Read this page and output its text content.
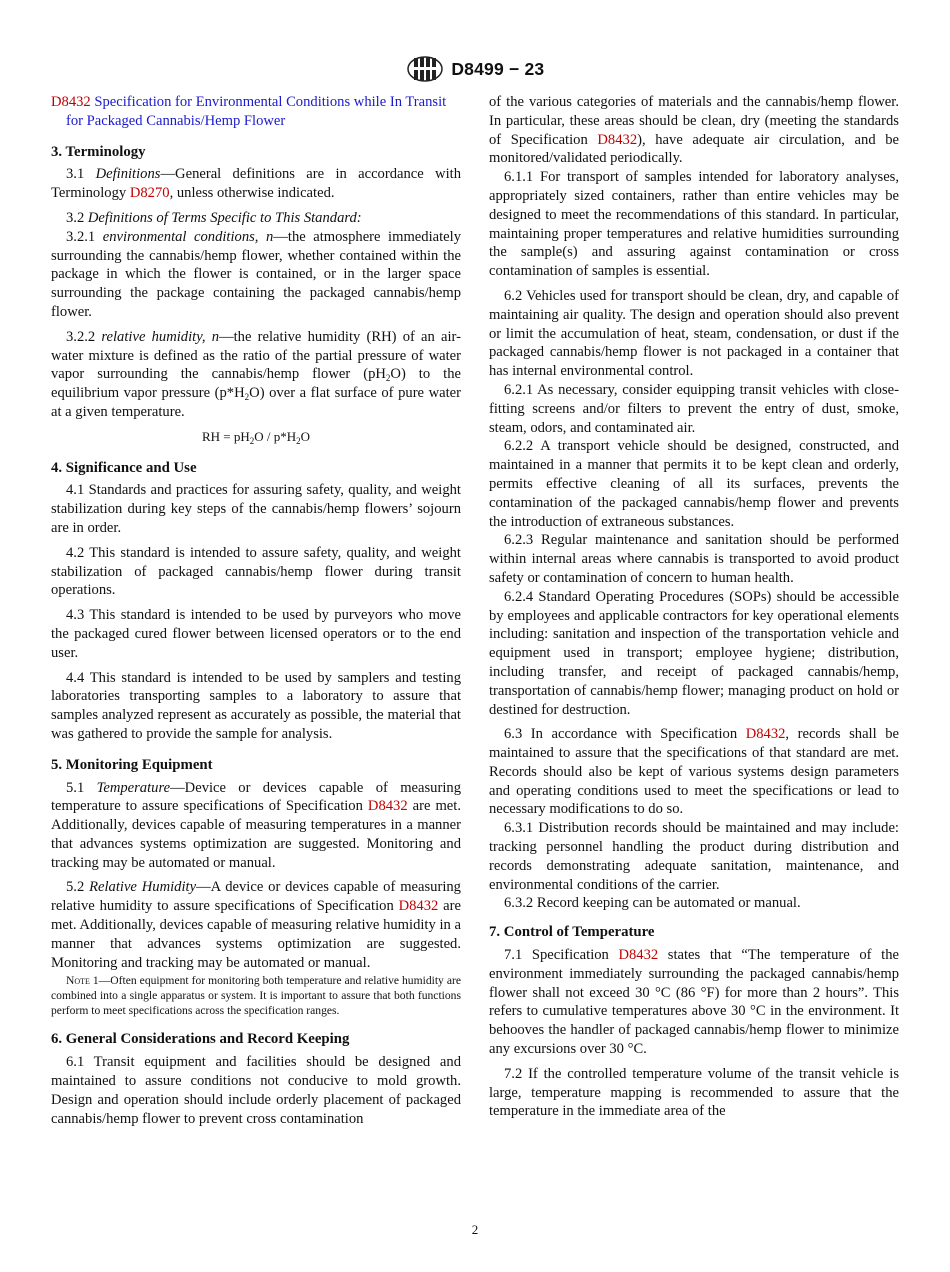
D8499 − 23

D8432 Specification for Environmental Conditions while In Transit for Packaged Cannabis/Hemp Flower

3. Terminology

3.1 Definitions—General definitions are in accordance with Terminology D8270, unless otherwise indicated.

3.2 Definitions of Terms Specific to This Standard:

3.2.1 environmental conditions, n—the atmosphere immediately surrounding the cannabis/hemp flower, whether contained within the package in which the flower is contained, or in the larger space surrounding the package containing the packaged cannabis/hemp flower.

3.2.2 relative humidity, n—the relative humidity (RH) of an air-water mixture is defined as the ratio of the partial pressure of water vapor surrounding the cannabis/hemp flower $(pH_2O)$ to the equilibrium vapor pressure $(p*H_2O)$ over a flat surface of pure water at a given temperature.

RH = $pH_2O / p*H_2O$

4. Significance and Use

4.1 Standards and practices for assuring safety, quality, and weight stabilization during key steps of the cannabis/hemp flowers’ sojourn are in order.

4.2 This standard is intended to assure safety, quality, and weight stabilization of packaged cannabis/hemp flower during transit operations.

4.3 This standard is intended to be used by purveyors who move the packaged cured flower between licensed operators or to the end user.

4.4 This standard is intended to be used by samplers and testing laboratories transporting samples to a laboratory to assure that samples analyzed represent as accurately as possible, the material that was gathered to provide the sample for analysis.

5. Monitoring Equipment

5.1 Temperature—Device or devices capable of measuring temperature to assure specifications of Specification D8432 are met. Additionally, devices capable of measuring temperatures in a manner that advances systems optimization are suggested. Monitoring and tracking may be automated or manual.

5.2 Relative Humidity—A device or devices capable of measuring relative humidity to assure specifications of Specification D8432 are met. Additionally, devices capable of measuring relative humidity in a manner that advances systems optimization are suggested. Monitoring and tracking may be automated or manual.

Note 1—Often equipment for monitoring both temperature and relative humidity are combined into a single apparatus or system. It is important to assure that both functions perform to meet specifications across the specification ranges.

6. General Considerations and Record Keeping

6.1 Transit equipment and facilities should be designed and maintained to assure conditions not conducive to mold growth. Design and operation should include orderly placement of packaged cannabis/hemp flower to prevent cross contamination

of the various categories of materials and the cannabis/hemp flower. In particular, these areas should be clean, dry (meeting the standards of Specification D8432), have adequate air circulation, and be monitored/validated periodically.

6.1.1 For transport of samples intended for laboratory analyses, appropriately sized containers, rather than entire vehicles may be designed to meet the recommendations of this standard. In particular, maintaining proper temperatures and relative humidities surrounding the sample(s) and assuring against contamination or cross contamination of samples is essential.

6.2 Vehicles used for transport should be clean, dry, and capable of maintaining air quality. The design and operation should also prevent or limit the accumulation of heat, steam, condensation, or dust if the packaged cannabis/hemp flower is not packaged in a container that has internal environmental control.

6.2.1 As necessary, consider equipping transit vehicles with close-fitting screens and/or filters to prevent the entry of dust, smoke, steam, odors, and contaminated air.

6.2.2 A transport vehicle should be designed, constructed, and maintained in a manner that permits it to be kept clean and orderly, permits effective cleaning of all its surfaces, prevents the contamination of the packaged cannabis/hemp flower and prevents the introduction of extraneous substances.

6.2.3 Regular maintenance and sanitation should be performed within internal areas where cannabis is transported to avoid product safety or contamination of concern to human health.

6.2.4 Standard Operating Procedures (SOPs) should be accessible by employees and applicable contractors for key operational elements including: sanitation and inspection of the transportation vehicle and equipment used in transport; employee hygiene; distribution, including transfer, and receipt of packaged cannabis/hemp, transportation of cannabis/hemp flower; managing product on hold or destined for destruction.

6.3 In accordance with Specification D8432, records shall be maintained to assure that the specifications of that standard are met. Records should also be kept of various systems design parameters and operating conditions used to meet the specifications or lead to necessary modifications to do so.

6.3.1 Distribution records should be maintained and may include: tracking personnel handling the product during distribution and records demonstrating adequate sanitation, maintenance, and environmental conditions of the carrier.

6.3.2 Record keeping can be automated or manual.

7. Control of Temperature

7.1 Specification D8432 states that “The temperature of the environment immediately surrounding the packaged cannabis/hemp flower shall not exceed 30 °C (86 °F) for more than 2 hours”. This refers to cumulative temperatures above 30 °C in the environment. It behooves the handler of packaged cannabis/hemp flower to minimize any excursions over 30 °C.

7.2 If the controlled temperature volume of the transit vehicle is large, temperature mapping is recommended to assure that the temperature in the immediate area of the

2
